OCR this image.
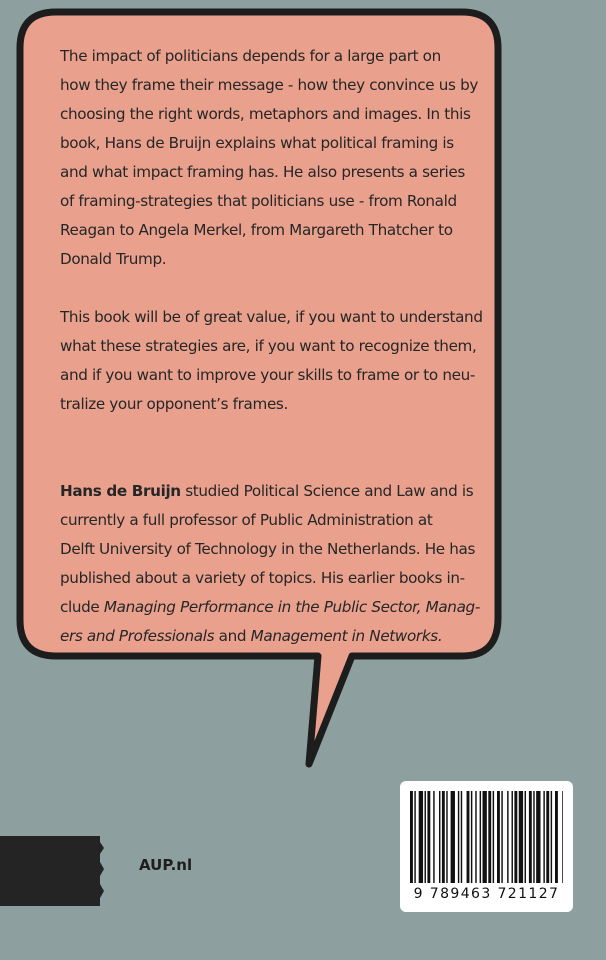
The impact of politicians depends for a large part on
how they frame their message - how they convince us by
choosing the right words, metaphors and images. In this
book, Hans de Bruijn explains what political framing is
and what impact framing has. He also presents a series
of framing-strategies that politicians use - from Ronald
Reagan to Angela Merkel, from Margareth Thatcher to
Donald Trump.

This book will be of great value, if you want to understand
what these strategies are, if you want to recognize them,
and if you want to improve your skills to frame or to neu-
tralize your opponent’s frames.

Hans de Bruijn studied Political Science and Law and is
currently a full professor of Public Administration at
Delft University of Technology in the Netherlands. He has
published about a variety of topics. His earlier books in-
clude Managing Performance in the Public Sector, Manag-
ers and Professionals and Management in Networks.

AUP.nl
9 789463 721127
